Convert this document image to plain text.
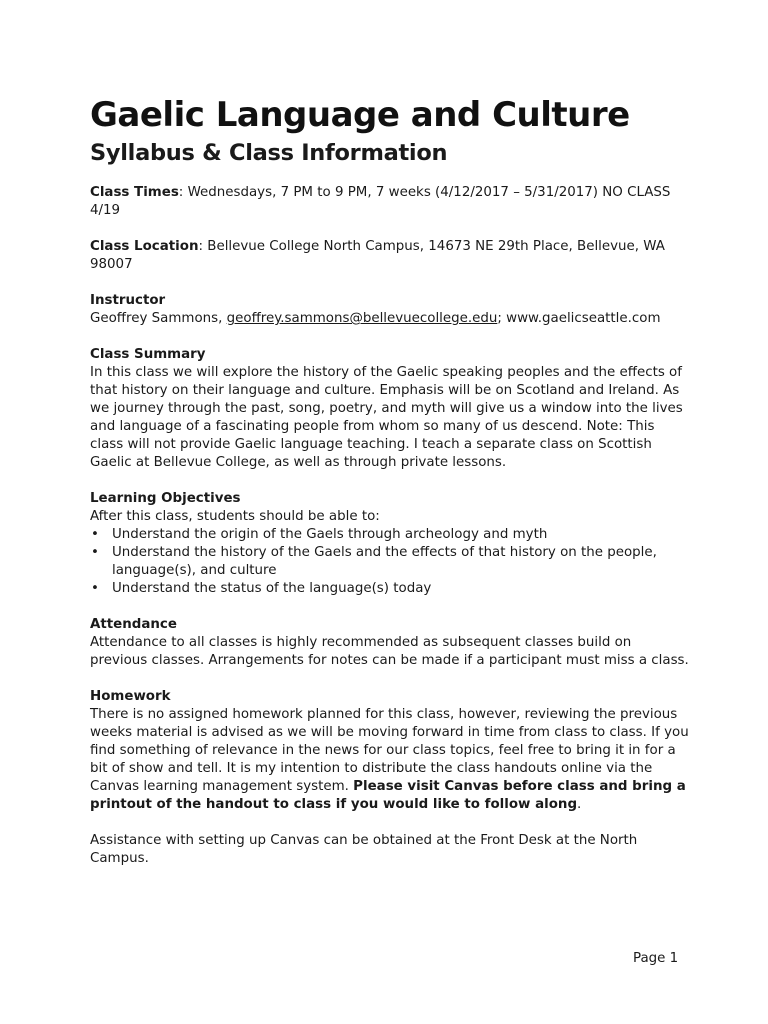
Gaelic Language and Culture
Syllabus & Class Information

Class Times: Wednesdays, 7 PM to 9 PM, 7 weeks (4/12/2017 – 5/31/2017) NO CLASS 4/19

Class Location: Bellevue College North Campus, 14673 NE 29th Place, Bellevue, WA 98007

Instructor

Geoffrey Sammons, geoffrey.sammons@bellevuecollege.edu; www.gaelicseattle.com

Class Summary

In this class we will explore the history of the Gaelic speaking peoples and the effects of that history on their language and culture. Emphasis will be on Scotland and Ireland. As we journey through the past, song, poetry, and myth will give us a window into the lives and language of a fascinating people from whom so many of us descend. Note: This class will not provide Gaelic language teaching. I teach a separate class on Scottish Gaelic at Bellevue College, as well as through private lessons.

Learning Objectives

After this class, students should be able to:

• Understand the origin of the Gaels through archeology and myth
• Understand the history of the Gaels and the effects of that history on the people, language(s), and culture
• Understand the status of the language(s) today
Attendance

Attendance to all classes is highly recommended as subsequent classes build on previous classes. Arrangements for notes can be made if a participant must miss a class.

Homework

There is no assigned homework planned for this class, however, reviewing the previous weeks material is advised as we will be moving forward in time from class to class. If you find something of relevance in the news for our class topics, feel free to bring it in for a bit of show and tell. It is my intention to distribute the class handouts online via the Canvas learning management system. Please visit Canvas before class and bring a printout of the handout to class if you would like to follow along.

Assistance with setting up Canvas can be obtained at the Front Desk at the North Campus.

Page 1
